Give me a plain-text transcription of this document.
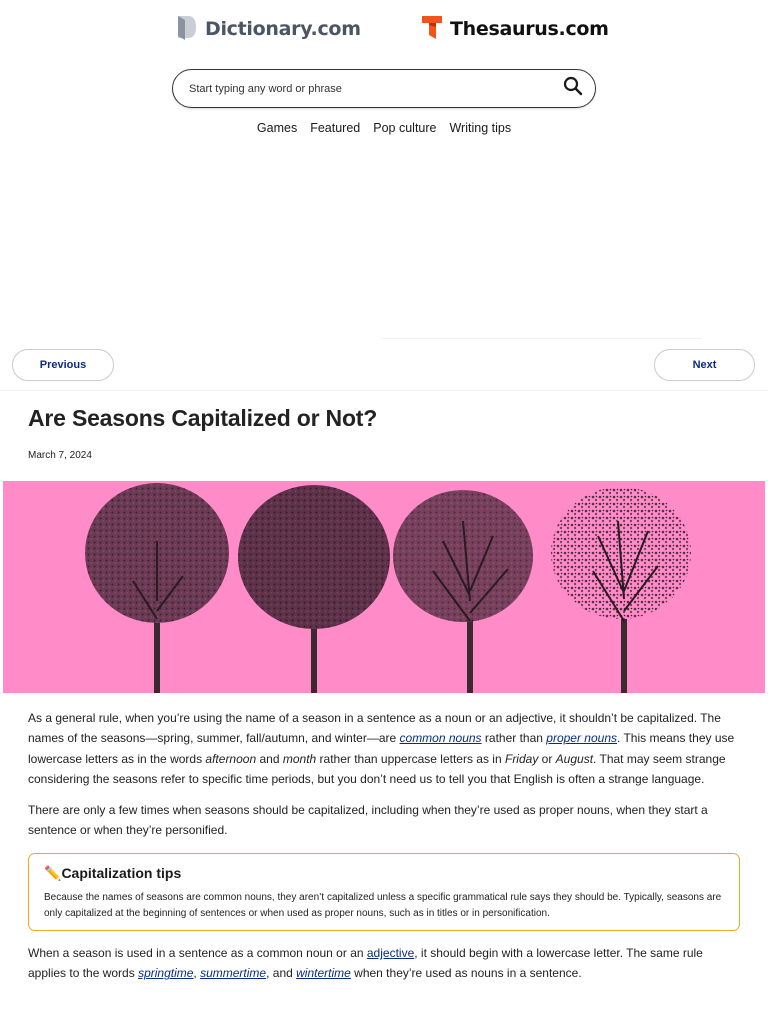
Dictionary.com	Thesaurus.com
Start typing any word or phrase
Games Featured Pop culture Writing tips
Previous	Next
Are Seasons Capitalized or Not?
March 7, 2024

As a general rule, when you’re using the name of a season in a sentence as a noun or an adjective, it shouldn’t be capitalized. The names of the seasons—spring, summer, fall/autumn, and winter—are common nouns rather than proper nouns. This means they use lowercase letters as in the words afternoon and month rather than uppercase letters as in Friday or August. That may seem strange considering the seasons refer to specific time periods, but you don’t need us to tell you that English is often a strange language.

There are only a few times when seasons should be capitalized, including when they’re used as proper nouns, when they start a sentence or when they’re personified.

✏️ Capitalization tips
Because the names of seasons are common nouns, they aren’t capitalized unless a specific grammatical rule says they should be. Typically, seasons are only capitalized at the beginning of sentences or when used as proper nouns, such as in titles or in personification.

When a season is used in a sentence as a common noun or an adjective, it should begin with a lowercase letter. The same rule applies to the words springtime, summertime, and wintertime when they’re used as nouns in a sentence.
